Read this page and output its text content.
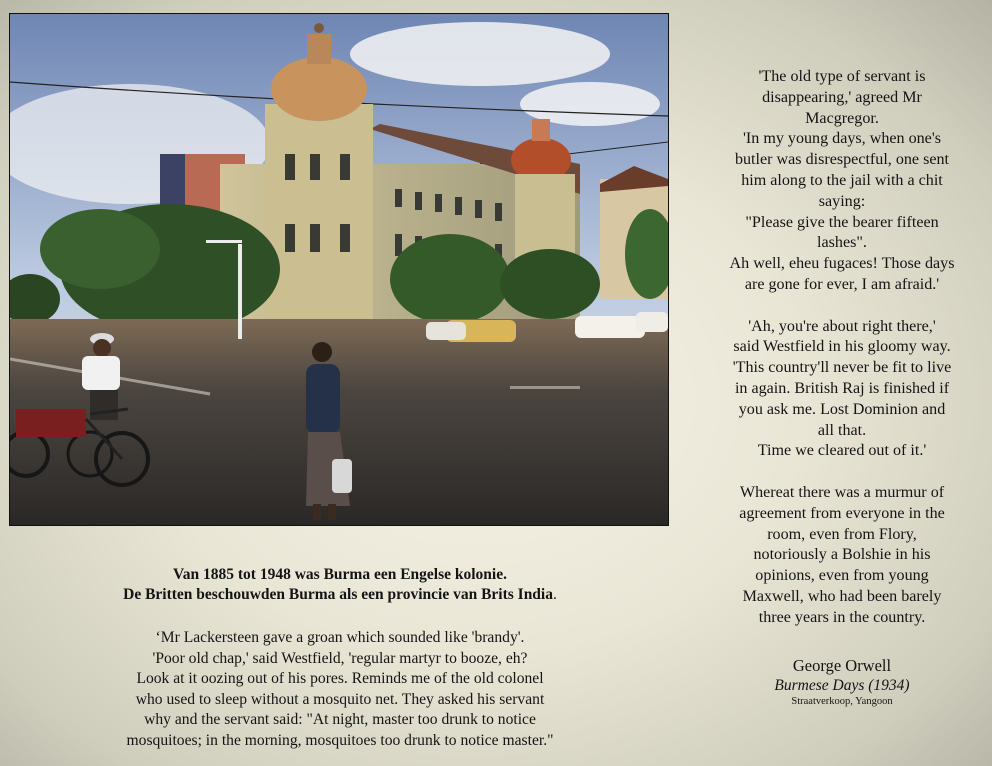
Van 1885 tot 1948 was Burma een Engelse kolonie.
De Britten beschouwden Burma als een provincie van Brits India.
‘Mr Lackersteen gave a groan which sounded like 'brandy'.
'Poor old chap,' said Westfield, 'regular martyr to booze, eh?
Look at it oozing out of his pores. Reminds me of the old colonel
who used to sleep without a mosquito net. They asked his servant
why and the servant said: "At night, master too drunk to notice
mosquitoes; in the morning, mosquitoes too drunk to notice master."
'The old type of servant is
disappearing,' agreed Mr
Macgregor.
'In my young days, when one's
butler was disrespectful, one sent
him along to the jail with a chit
saying:
"Please give the bearer fifteen
lashes".
Ah well, eheu fugaces! Those days
are gone for ever, I am afraid.'
'Ah, you're about right there,'
said Westfield in his gloomy way.
'This country'll never be fit to live
in again. British Raj is finished if
you ask me. Lost Dominion and
all that.
Time we cleared out of it.'
Whereat there was a murmur of
agreement from everyone in the
room, even from Flory,
notoriously a Bolshie in his
opinions, even from young
Maxwell, who had been barely
three years in the country.
George Orwell
Burmese Days (1934)
Straatverkoop, Yangoon
